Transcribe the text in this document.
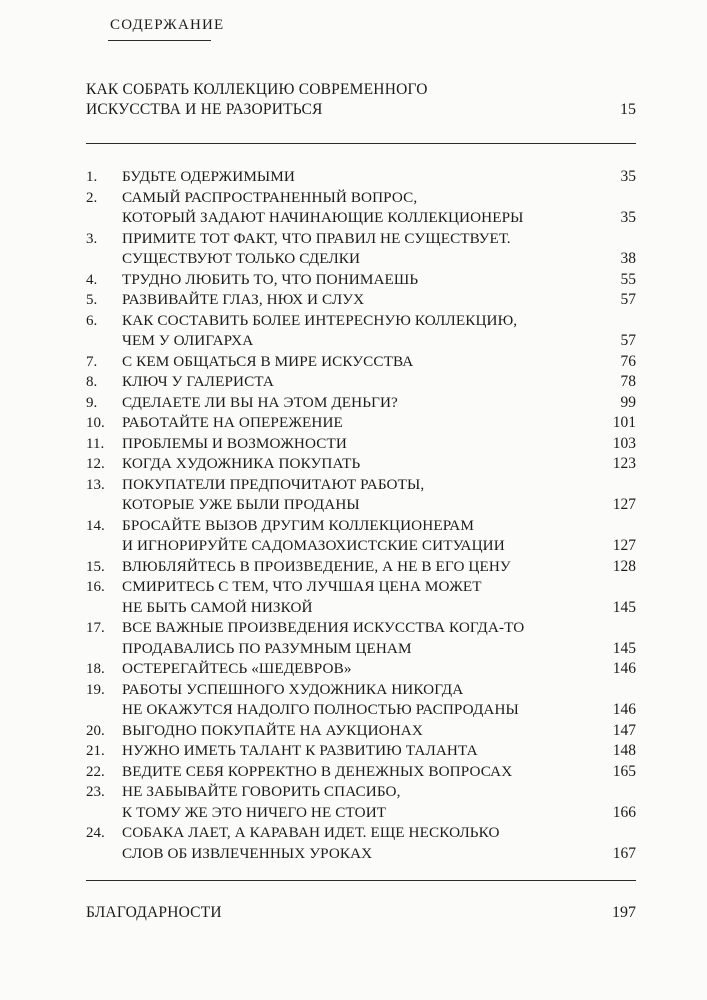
СОДЕРЖАНИЕ
КАК СОБРАТЬ КОЛЛЕКЦИЮ СОВРЕМЕННОГО
ИСКУССТВА И НЕ РАЗОРИТЬСЯ	15
1. БУДЬТЕ ОДЕРЖИМЫМИ	35
2. САМЫЙ РАСПРОСТРАНЕННЫЙ ВОПРОС,
КОТОРЫЙ ЗАДАЮТ НАЧИНАЮЩИЕ КОЛЛЕКЦИОНЕРЫ	35
3. ПРИМИТЕ ТОТ ФАКТ, ЧТО ПРАВИЛ НЕ СУЩЕСТВУЕТ.
СУЩЕСТВУЮТ ТОЛЬКО СДЕЛКИ	38
4. ТРУДНО ЛЮБИТЬ ТО, ЧТО ПОНИМАЕШЬ	55
5. РАЗВИВАЙТЕ ГЛАЗ, НЮХ И СЛУХ	57
6. КАК СОСТАВИТЬ БОЛЕЕ ИНТЕРЕСНУЮ КОЛЛЕКЦИЮ,
ЧЕМ У ОЛИГАРХА	57
7. С КЕМ ОБЩАТЬСЯ В МИРЕ ИСКУССТВА	76
8. КЛЮЧ У ГАЛЕРИСТА	78
9. СДЕЛАЕТЕ ЛИ ВЫ НА ЭТОМ ДЕНЬГИ?	99
10. РАБОТАЙТЕ НА ОПЕРЕЖЕНИЕ	101
11. ПРОБЛЕМЫ И ВОЗМОЖНОСТИ	103
12. КОГДА ХУДОЖНИКА ПОКУПАТЬ	123
13. ПОКУПАТЕЛИ ПРЕДПОЧИТАЮТ РАБОТЫ,
КОТОРЫЕ УЖЕ БЫЛИ ПРОДАНЫ	127
14. БРОСАЙТЕ ВЫЗОВ ДРУГИМ КОЛЛЕКЦИОНЕРАМ
И ИГНОРИРУЙТЕ САДОМАЗОХИСТСКИЕ СИТУАЦИИ	127
15. ВЛЮБЛЯЙТЕСЬ В ПРОИЗВЕДЕНИЕ, А НЕ В ЕГО ЦЕНУ	128
16. СМИРИТЕСЬ С ТЕМ, ЧТО ЛУЧШАЯ ЦЕНА МОЖЕТ
НЕ БЫТЬ САМОЙ НИЗКОЙ	145
17. ВСЕ ВАЖНЫЕ ПРОИЗВЕДЕНИЯ ИСКУССТВА КОГДА-ТО
ПРОДАВАЛИСЬ ПО РАЗУМНЫМ ЦЕНАМ	145
18. ОСТЕРЕГАЙТЕСЬ «ШЕДЕВРОВ»	146
19. РАБОТЫ УСПЕШНОГО ХУДОЖНИКА НИКОГДА
НЕ ОКАЖУТСЯ НАДОЛГО ПОЛНОСТЬЮ РАСПРОДАНЫ	146
20. ВЫГОДНО ПОКУПАЙТЕ НА АУКЦИОНАХ	147
21. НУЖНО ИМЕТЬ ТАЛАНТ К РАЗВИТИЮ ТАЛАНТА	148
22. ВЕДИТЕ СЕБЯ КОРРЕКТНО В ДЕНЕЖНЫХ ВОПРОСАХ	165
23. НЕ ЗАБЫВАЙТЕ ГОВОРИТЬ СПАСИБО,
К ТОМУ ЖЕ ЭТО НИЧЕГО НЕ СТОИТ	166
24. СОБАКА ЛАЕТ, А КАРАВАН ИДЕТ. ЕЩЕ НЕСКОЛЬКО
СЛОВ ОБ ИЗВЛЕЧЕННЫХ УРОКАХ	167
БЛАГОДАРНОСТИ	197
